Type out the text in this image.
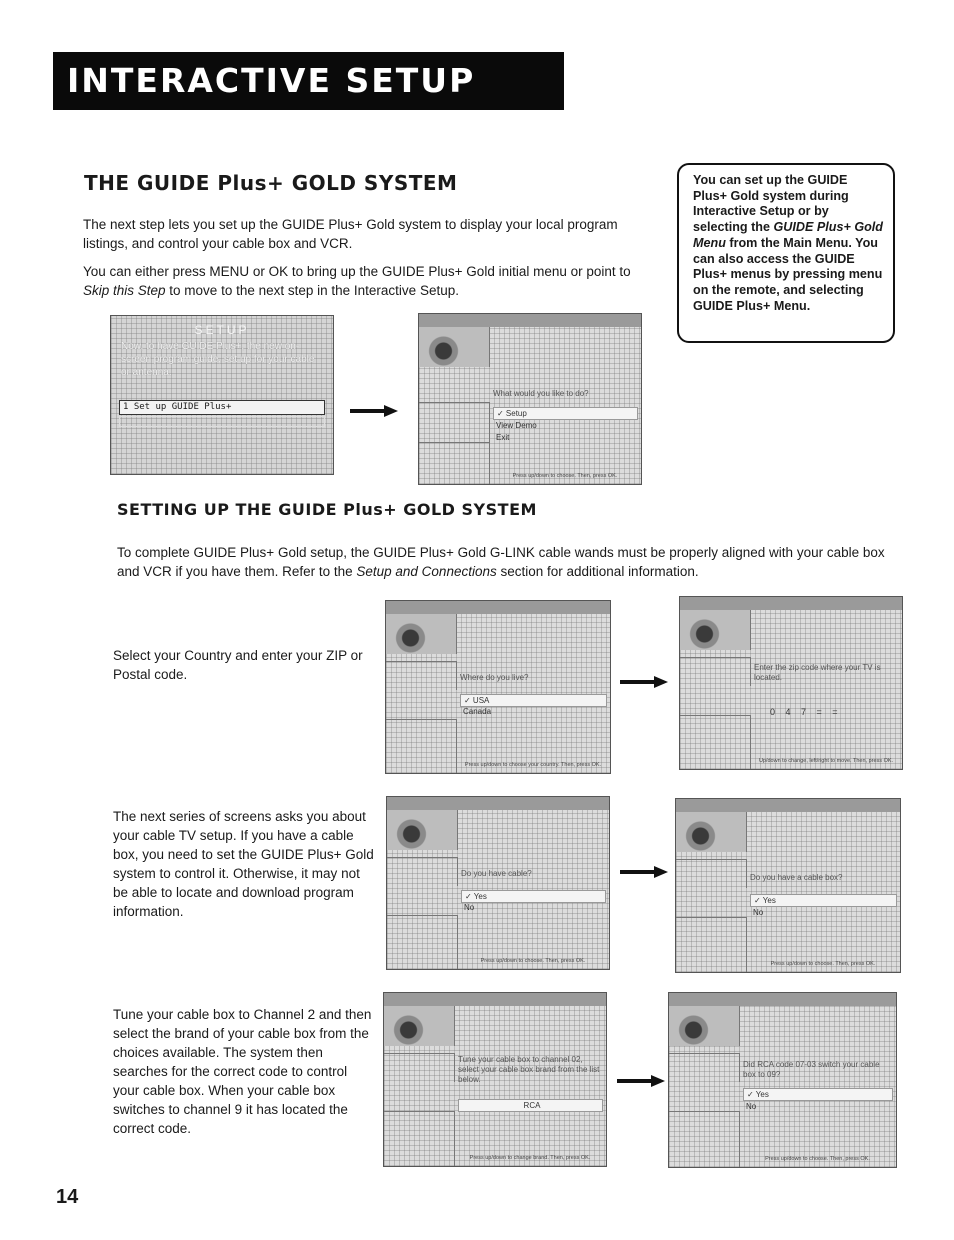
INTERACTIVE SETUP
THE GUIDE Plus+ GOLD SYSTEM

The next step lets you set up the GUIDE Plus+ Gold system to display your local program listings, and control your cable box and VCR.

You can either press MENU or OK to bring up the GUIDE Plus+ Gold initial menu or point to Skip this Step to move to the next step in the Interactive Setup.

You can set up the GUIDE Plus+ Gold system during Interactive Setup or by selecting the GUIDE Plus+ Gold Menu from the Main Menu. You can also access the GUIDE Plus+ menus by pressing menu on the remote, and selecting GUIDE Plus+ Menu.
SETUP
Now, to have GUIDE Plus+, the new on-screen program guide, set up for your cable or antenna.
1 Set up GUIDE Plus+
What would you like to do?
✓ Setup
View Demo
Exit
Press up/down to choose. Then, press OK.
SETTING UP THE GUIDE Plus+ GOLD SYSTEM

To complete GUIDE Plus+ Gold setup, the GUIDE Plus+ Gold G-LINK cable wands must be properly aligned with your cable box and VCR if you have them. Refer to the Setup and Connections section for additional information.

Select your Country and enter your ZIP or Postal code.	Where do you live?
✓ USA
Canada
Press up/down to choose your country. Then, press OK.
Enter the zip code where your TV is located.
0 4 7 = =
Up/down to change, left/right to move. Then, press OK.

The next series of screens asks you about your cable TV setup. If you have a cable box, you need to set the GUIDE Plus+ Gold system to control it. Otherwise, it may not be able to locate and download program information.

Do you have cable?
✓ Yes
No
Press up/down to choose. Then, press OK.
Do you have a cable box?
✓ Yes
No
Press up/down to choose. Then, press OK.

Tune your cable box to Channel 2 and then select the brand of your cable box from the choices available. The system then searches for the correct code to control your cable box. When your cable box switches to channel 9 it has located the correct code.

Tune your cable box to channel 02, select your cable box brand from the list below.
RCA
Press up/down to change brand. Then, press OK.
Did RCA code 07-03 switch your cable box to 09?
✓ Yes
No
Press up/down to choose. Then, press OK.
14
